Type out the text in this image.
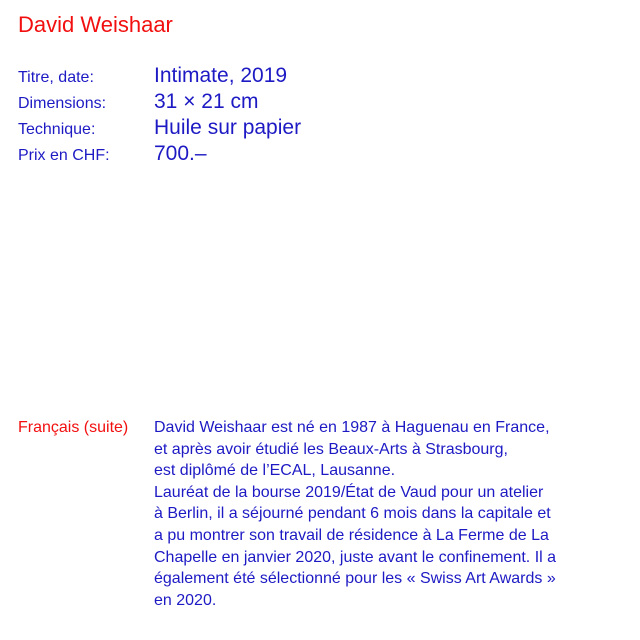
David Weishaar
Titre, date:	Intimate, 2019
Dimensions:	31 × 21 cm
Technique:	Huile sur papier
Prix en CHF:	700.–
Français (suite)	David Weishaar est né en 1987 à Haguenau en France,
et après avoir étudié les Beaux-Arts à Strasbourg,
est diplômé de l’ECAL, Lausanne.
Lauréat de la bourse 2019/État de Vaud pour un atelier
à Berlin, il a séjourné pendant 6 mois dans la capitale et
a pu montrer son travail de résidence à La Ferme de La
Chapelle en janvier 2020, juste avant le confinement. Il a
également été sélectionné pour les « Swiss Art Awards »
en 2020.
